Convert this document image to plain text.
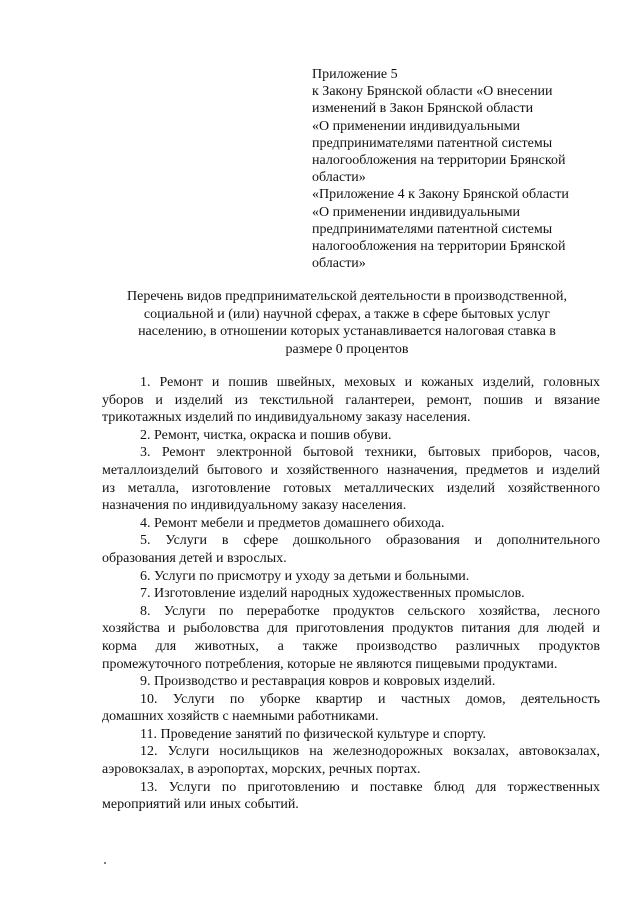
Приложение 5
к Закону Брянской области «О внесении
изменений в Закон Брянской области
«О применении индивидуальными
предпринимателями патентной системы
налогообложения на территории Брянской
области»
«Приложение 4 к Закону Брянской области
«О применении индивидуальными
предпринимателями патентной системы
налогообложения на территории Брянской
области»
Перечень видов предпринимательской деятельности в производственной,
социальной и (или) научной сферах, а также в сфере бытовых услуг
населению, в отношении которых устанавливается налоговая ставка в
размере 0 процентов
1. Ремонт и пошив швейных, меховых и кожаных изделий, головных
уборов и изделий из текстильной галантереи, ремонт, пошив и вязание
трикотажных изделий по индивидуальному заказу населения.
2. Ремонт, чистка, окраска и пошив обуви.
3. Ремонт электронной бытовой техники, бытовых приборов, часов,
металлоизделий бытового и хозяйственного назначения, предметов и изделий
из металла, изготовление готовых металлических изделий хозяйственного
назначения по индивидуальному заказу населения.
4. Ремонт мебели и предметов домашнего обихода.
5. Услуги в сфере дошкольного образования и дополнительного
образования детей и взрослых.
6. Услуги по присмотру и уходу за детьми и больными.
7. Изготовление изделий народных художественных промыслов.
8. Услуги по переработке продуктов сельского хозяйства, лесного
хозяйства и рыболовства для приготовления продуктов питания для людей и
корма для животных, а также производство различных продуктов
промежуточного потребления, которые не являются пищевыми продуктами.
9. Производство и реставрация ковров и ковровых изделий.
10. Услуги по уборке квартир и частных домов, деятельность
домашних хозяйств с наемными работниками.
11. Проведение занятий по физической культуре и спорту.
12. Услуги носильщиков на железнодорожных вокзалах, автовокзалах,
аэровокзалах, в аэропортах, морских, речных портах.
13. Услуги по приготовлению и поставке блюд для торжественных
мероприятий или иных событий.
